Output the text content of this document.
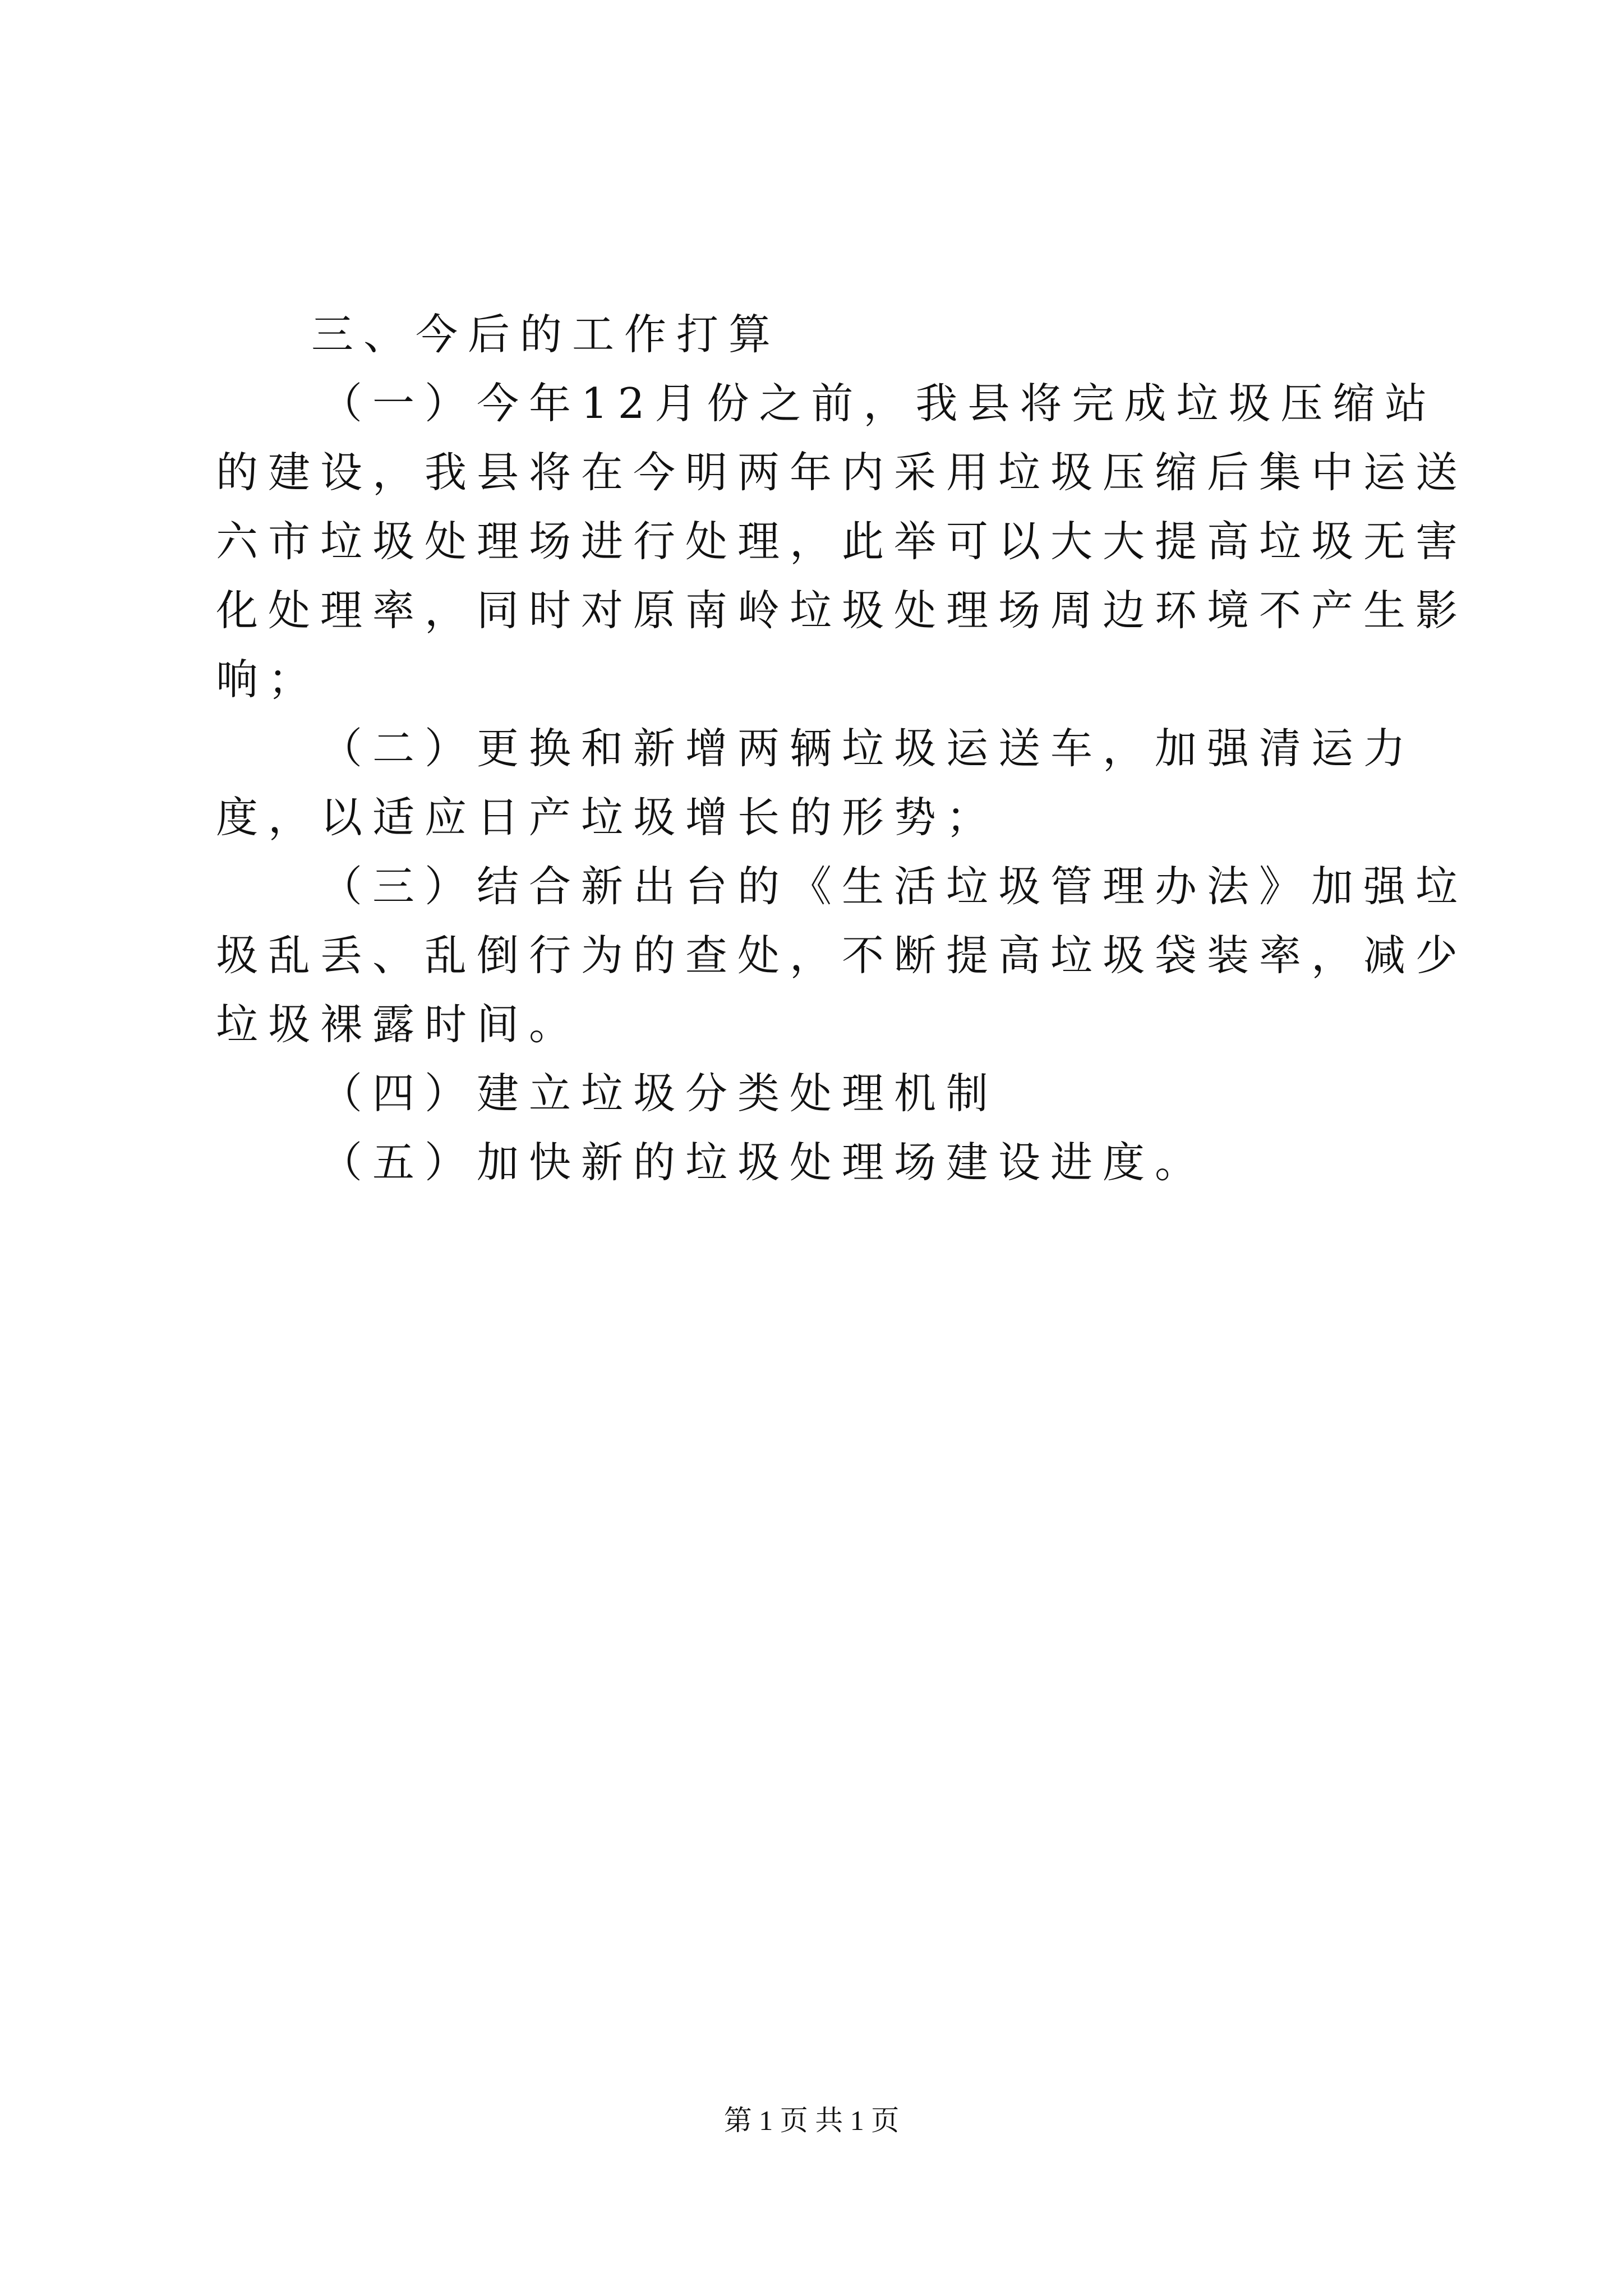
三、今后的工作打算

（一）今年12月份之前，我县将完成垃圾压缩站的建设，我县将在今明两年内采用垃圾压缩后集中运送六市垃圾处理场进行处理，此举可以大大提高垃圾无害化处理率，同时对原南岭垃圾处理场周边环境不产生影响；

（二）更换和新增两辆垃圾运送车，加强清运力度，以适应日产垃圾增长的形势；

（三）结合新出台的《生活垃圾管理办法》加强垃圾乱丢、乱倒行为的查处，不断提高垃圾袋装率，减少垃圾裸露时间。

（四）建立垃圾分类处理机制

（五）加快新的垃圾处理场建设进度。

第 1 页 共 1 页
